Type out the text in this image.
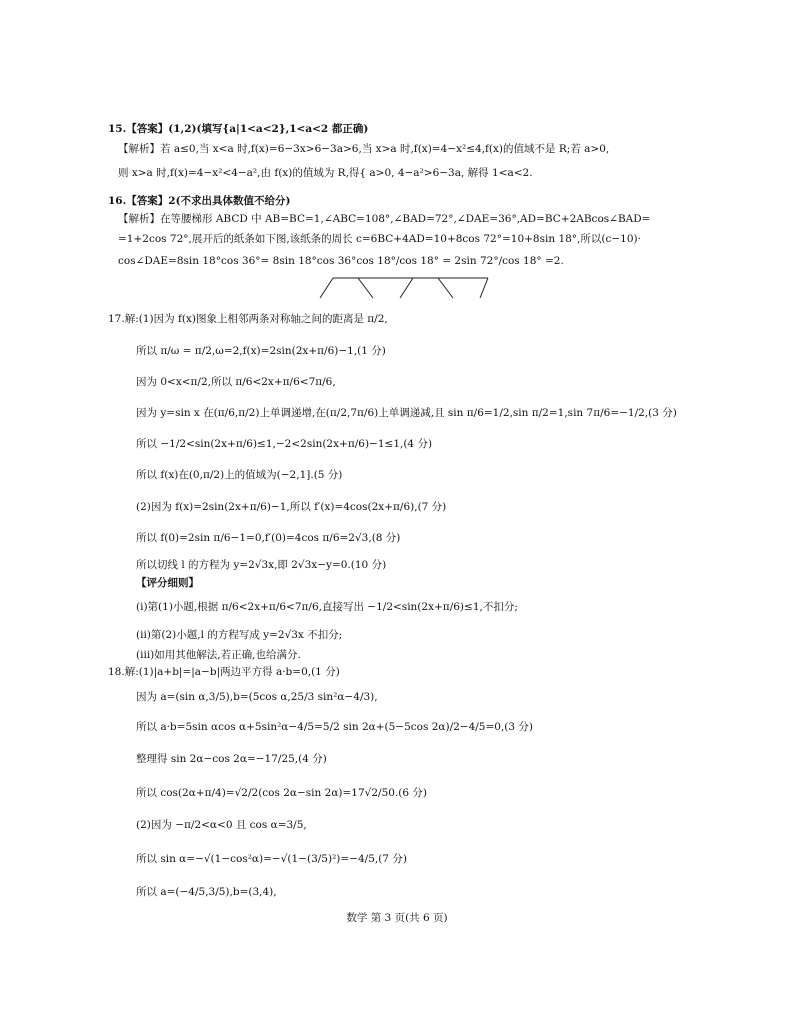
15.【答案】(1,2)(填写{a|1<a<2},1<a<2 都正确)
【解析】若 a≤0,当 x<a 时,f(x)=6−3x>6−3a>6,当 x>a 时,f(x)=4−x²≤4,f(x)的值域不是 R;若 a>0,
则 x>a 时,f(x)=4−x²<4−a²,由 f(x)的值域为 R,得{ a>0, 4−a²>6−3a, 解得 1<a<2.
16.【答案】2(不求出具体数值不给分)
【解析】在等腰梯形 ABCD 中 AB=BC=1,∠ABC=108°,∠BAD=72°,∠DAE=36°,AD=BC+2ABcos∠BAD=
=1+2cos 72°,展开后的纸条如下图,该纸条的周长 c=6BC+4AD=10+8cos 72°=10+8sin 18°,所以(c−10)·
cos∠DAE=8sin 18°cos 36°= 8sin 18°cos 36°cos 18°/cos 18° = 2sin 72°/cos 18° =2.
17.解:(1)因为 f(x)图象上相邻两条对称轴之间的距离是 π/2,
所以 π/ω = π/2,ω=2,f(x)=2sin(2x+π/6)−1,(1 分)
因为 0<x<π/2,所以 π/6<2x+π/6<7π/6,
因为 y=sin x 在(π/6,π/2)上单调递增,在(π/2,7π/6)上单调递减,且 sin π/6=1/2,sin π/2=1,sin 7π/6=−1/2,(3 分)
所以 −1/2<sin(2x+π/6)≤1,−2<2sin(2x+π/6)−1≤1,(4 分)
所以 f(x)在(0,π/2)上的值域为(−2,1].(5 分)
(2)因为 f(x)=2sin(2x+π/6)−1,所以 f′(x)=4cos(2x+π/6),(7 分)
所以 f(0)=2sin π/6−1=0,f′(0)=4cos π/6=2√3,(8 分)
所以切线 l 的方程为 y=2√3x,即 2√3x−y=0.(10 分)
【评分细则】
(i)第(1)小题,根据 π/6<2x+π/6<7π/6,直接写出 −1/2<sin(2x+π/6)≤1,不扣分;
(ii)第(2)小题,l 的方程写成 y=2√3x 不扣分;
(iii)如用其他解法,若正确,也给满分.
18.解:(1)|a+b|=|a−b|两边平方得 a·b=0,(1 分)
因为 a=(sin α,3/5),b=(5cos α,25/3 sin²α−4/3),
所以 a·b=5sin αcos α+5sin²α−4/5=5/2 sin 2α+(5−5cos 2α)/2−4/5=0,(3 分)
整理得 sin 2α−cos 2α=−17/25,(4 分)
所以 cos(2α+π/4)=√2/2(cos 2α−sin 2α)=17√2/50.(6 分)
(2)因为 −π/2<α<0 且 cos α=3/5,
所以 sin α=−√(1−cos²α)=−√(1−(3/5)²)=−4/5,(7 分)
所以 a=(−4/5,3/5),b=(3,4),
数学 第 3 页(共 6 页)
